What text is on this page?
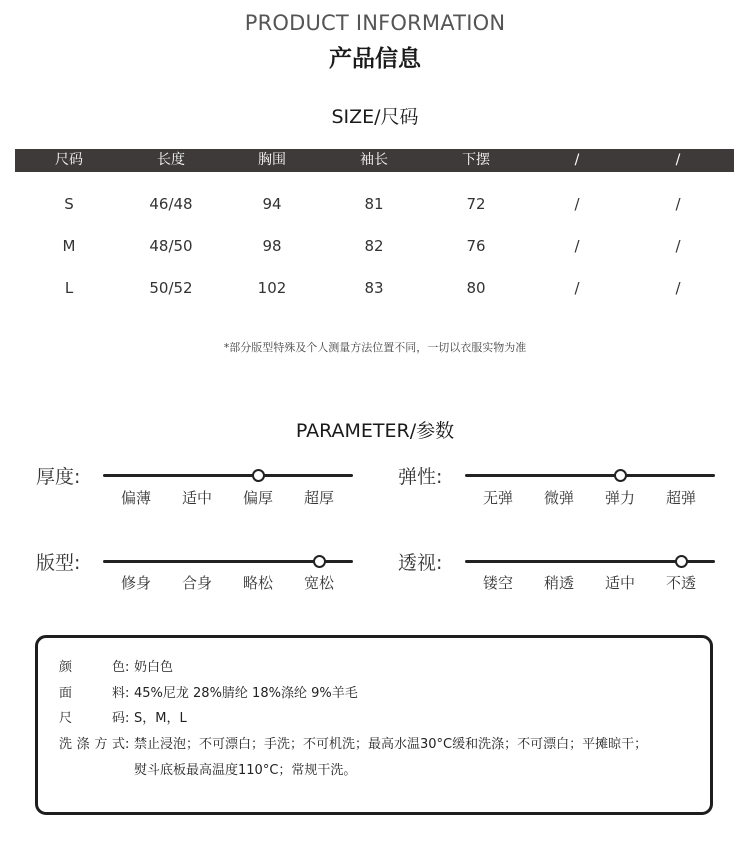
PRODUCT INFORMATION
产品信息
SIZE/尺码
尺码	长度	胸围	袖长	下摆	/	/
S	46/48	94	81	72	/	/
M	48/50	98	82	76	/	/
L	50/52	102	83	80	/	/
*部分版型特殊及个人测量方法位置不同，一切以衣服实物为准
PARAMETER/参数
厚度:
偏薄	适中	偏厚	超厚
弹性:
无弹	微弹	弹力	超弹
版型:
修身	合身	略松	宽松
透视:
镂空	稍透	适中	不透
颜色: 奶白色
面料: 45%尼龙 28%腈纶 18%涤纶 9%羊毛
尺码: S，M，L
洗涤方式: 禁止浸泡；不可漂白；手洗；不可机洗；最高水温30°C缓和洗涤；不可漂白；平摊晾干；
熨斗底板最高温度110°C；常规干洗。
